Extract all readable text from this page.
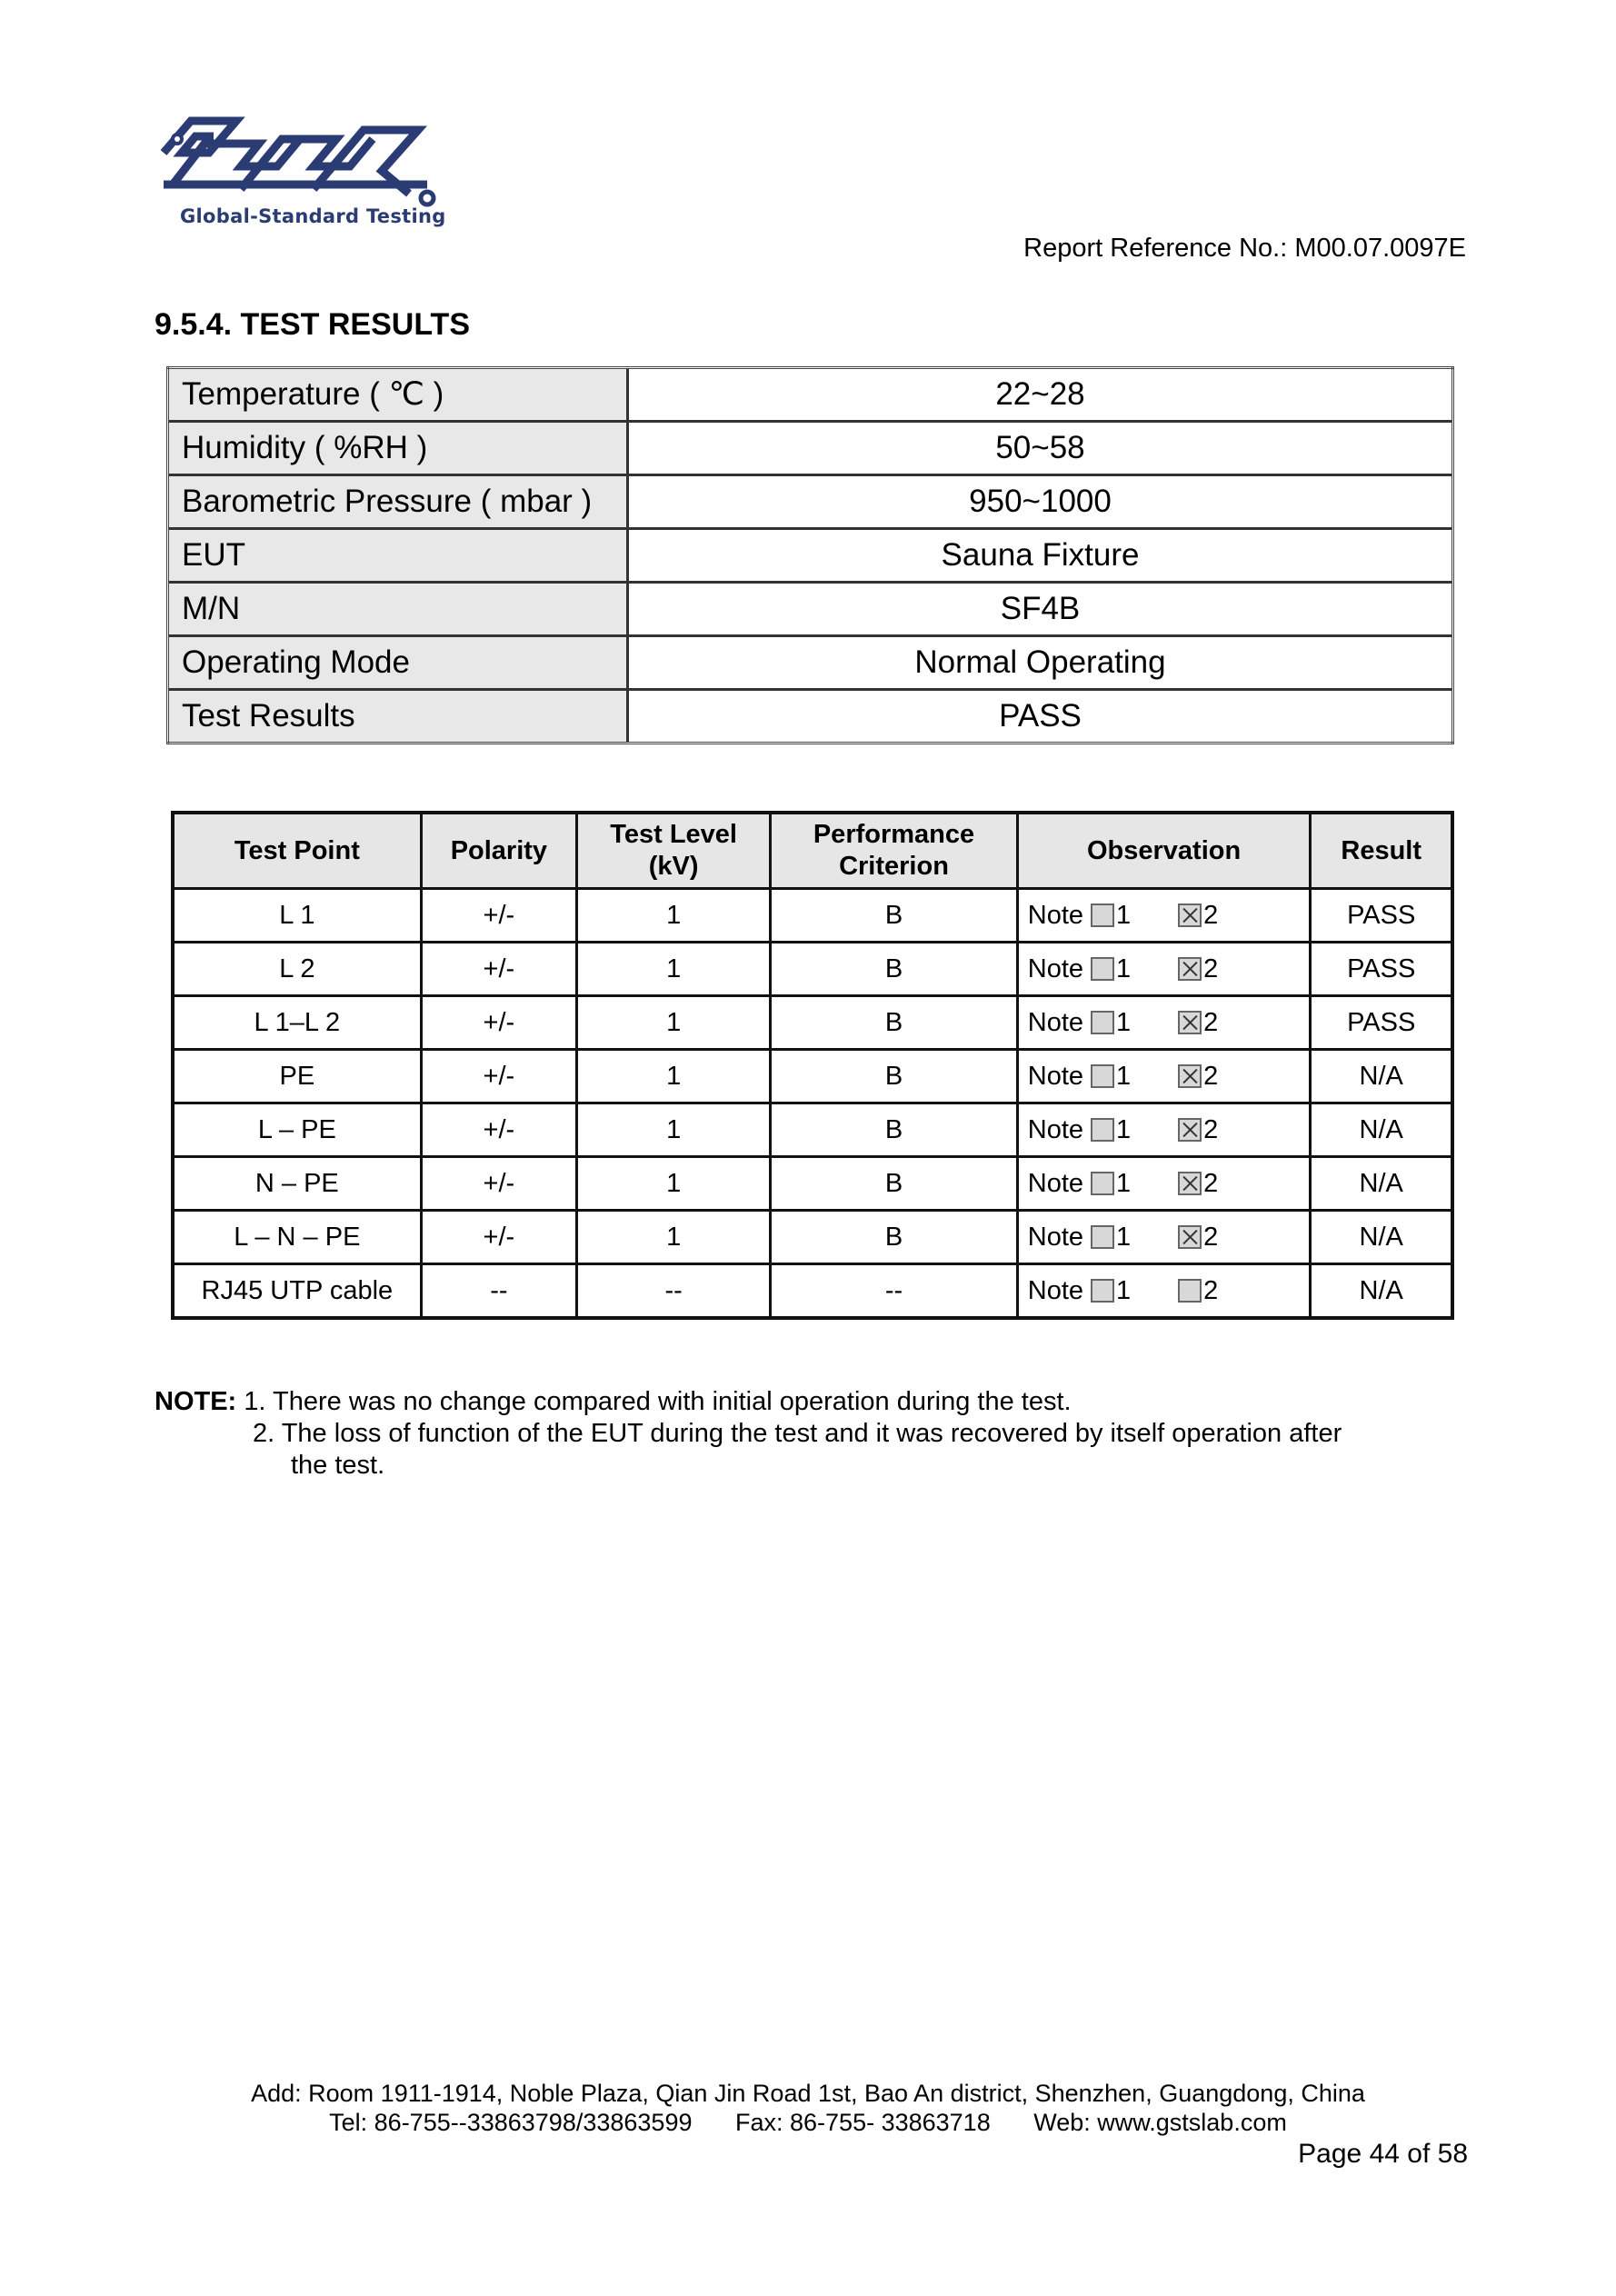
Global-Standard Testing
Report Reference No.: M00.07.0097E
9.5.4. TEST RESULTS
Temperature ( ℃ )	22~28
Humidity ( %RH )	50~58
Barometric Pressure ( mbar )	950~1000
EUT	Sauna Fixture
M/N	SF4B
Operating Mode	Normal Operating
Test Results	PASS
Test Point	Polarity	Test Level (kV)	Performance Criterion	Observation	Result
L 1	+/-	1	B	Note 1 2	PASS
L 2	+/-	1	B	Note 1 2	PASS
L 1–L 2	+/-	1	B	Note 1 2	PASS
PE	+/-	1	B	Note 1 2	N/A
L – PE	+/-	1	B	Note 1 2	N/A
N – PE	+/-	1	B	Note 1 2	N/A
L – N – PE	+/-	1	B	Note 1 2	N/A
RJ45 UTP cable	--	--	--	Note 1 2	N/A
NOTE: 1. There was no change compared with initial operation during the test.
2. The loss of function of the EUT during the test and it was recovered by itself operation after
the test.
Add: Room 1911-1914, Noble Plaza, Qian Jin Road 1st, Bao An district, Shenzhen, Guangdong, China
Tel: 86-755--33863798/33863599 Fax: 86-755- 33863718 Web: www.gstslab.com
Page 44 of 58
